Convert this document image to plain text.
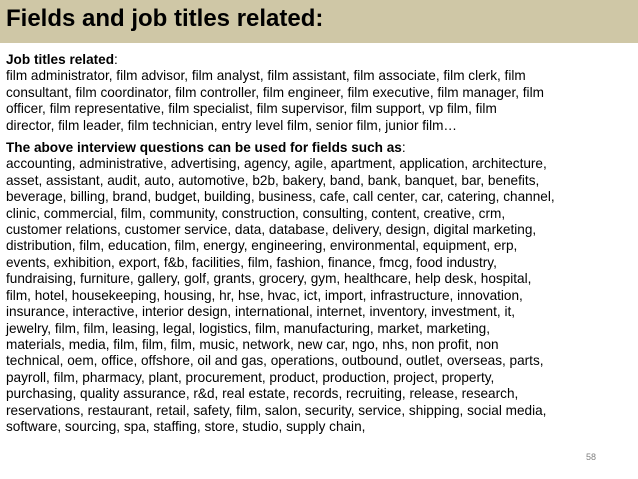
Fields and job titles related:
Job titles related:
film administrator, film advisor, film analyst, film assistant, film associate, film clerk, film
consultant, film coordinator, film controller, film engineer, film executive, film manager, film
officer, film representative, film specialist, film supervisor, film support, vp film, film
director, film leader, film technician, entry level film, senior film, junior film…
The above interview questions can be used for fields such as:
accounting, administrative, advertising, agency, agile, apartment, application, architecture,
asset, assistant, audit, auto, automotive, b2b, bakery, band, bank, banquet, bar, benefits,
beverage, billing, brand, budget, building, business, cafe, call center, car, catering, channel,
clinic, commercial, film, community, construction, consulting, content, creative, crm,
customer relations, customer service, data, database, delivery, design, digital marketing,
distribution, film, education, film, energy, engineering, environmental, equipment, erp,
events, exhibition, export, f&b, facilities, film, fashion, finance, fmcg, food industry,
fundraising, furniture, gallery, golf, grants, grocery, gym, healthcare, help desk, hospital,
film, hotel, housekeeping, housing, hr, hse, hvac, ict, import, infrastructure, innovation,
insurance, interactive, interior design, international, internet, inventory, investment, it,
jewelry, film, film, leasing, legal, logistics, film, manufacturing, market, marketing,
materials, media, film, film, film, music, network, new car, ngo, nhs, non profit, non
technical, oem, office, offshore, oil and gas, operations, outbound, outlet, overseas, parts,
payroll, film, pharmacy, plant, procurement, product, production, project, property,
purchasing, quality assurance, r&d, real estate, records, recruiting, release, research,
reservations, restaurant, retail, safety, film, salon, security, service, shipping, social media,
software, sourcing, spa, staffing, store, studio, supply chain,
58
